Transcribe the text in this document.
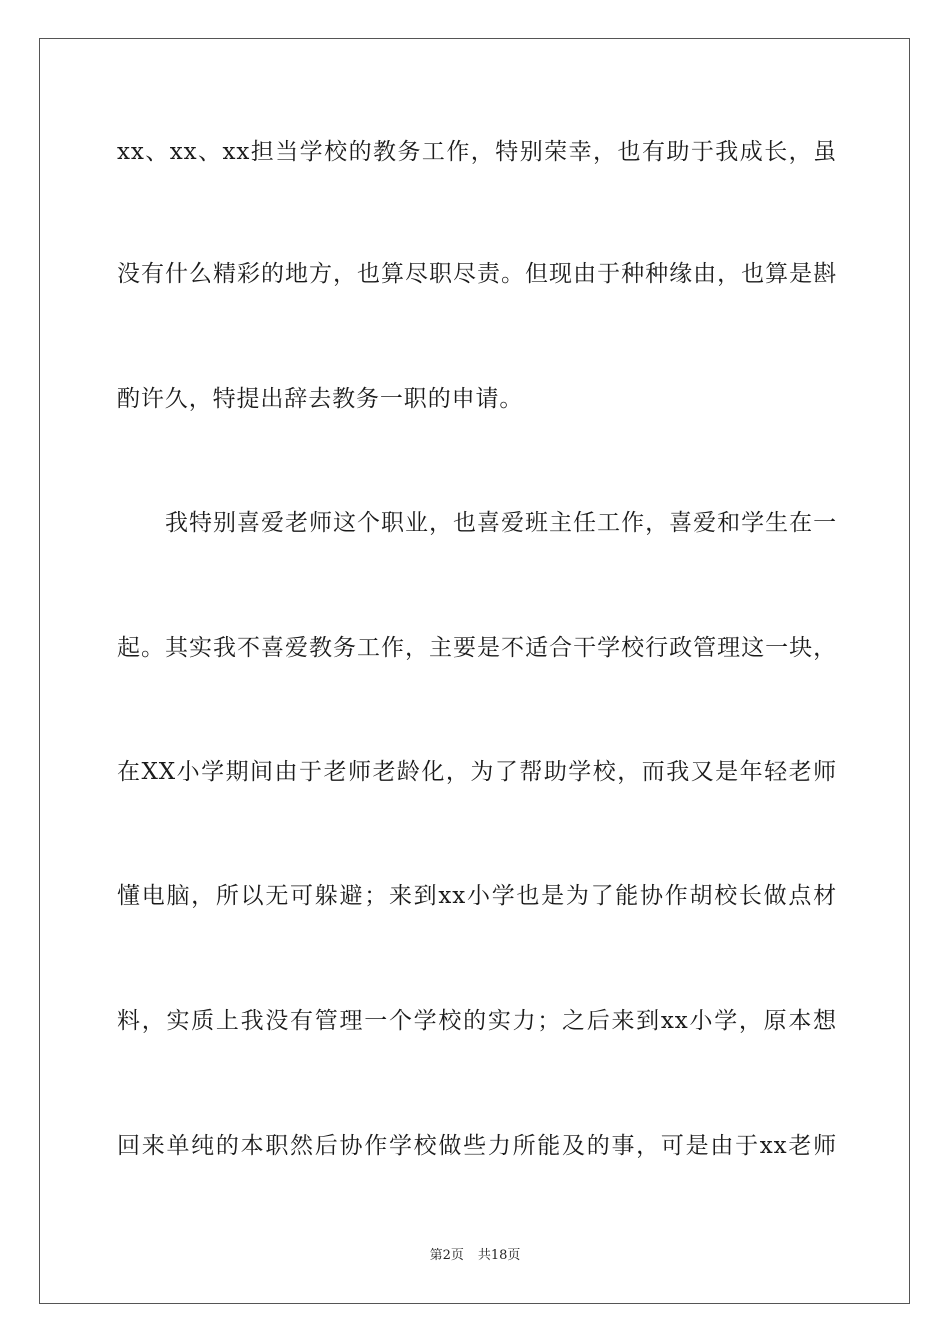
xx、xx、xx担当学校的教务工作，特别荣幸，也有助于我成长，虽
没有什么精彩的地方，也算尽职尽责。但现由于种种缘由，也算是斟
酌许久，特提出辞去教务一职的申请。
我特别喜爱老师这个职业，也喜爱班主任工作，喜爱和学生在一
起。其实我不喜爱教务工作，主要是不适合干学校行政管理这一块，
在XX小学期间由于老师老龄化，为了帮助学校，而我又是年轻老师
懂电脑，所以无可躲避；来到xx小学也是为了能协作胡校长做点材
料，实质上我没有管理一个学校的实力；之后来到xx小学，原本想
回来单纯的本职然后协作学校做些力所能及的事，可是由于xx老师
第2页 共18页
